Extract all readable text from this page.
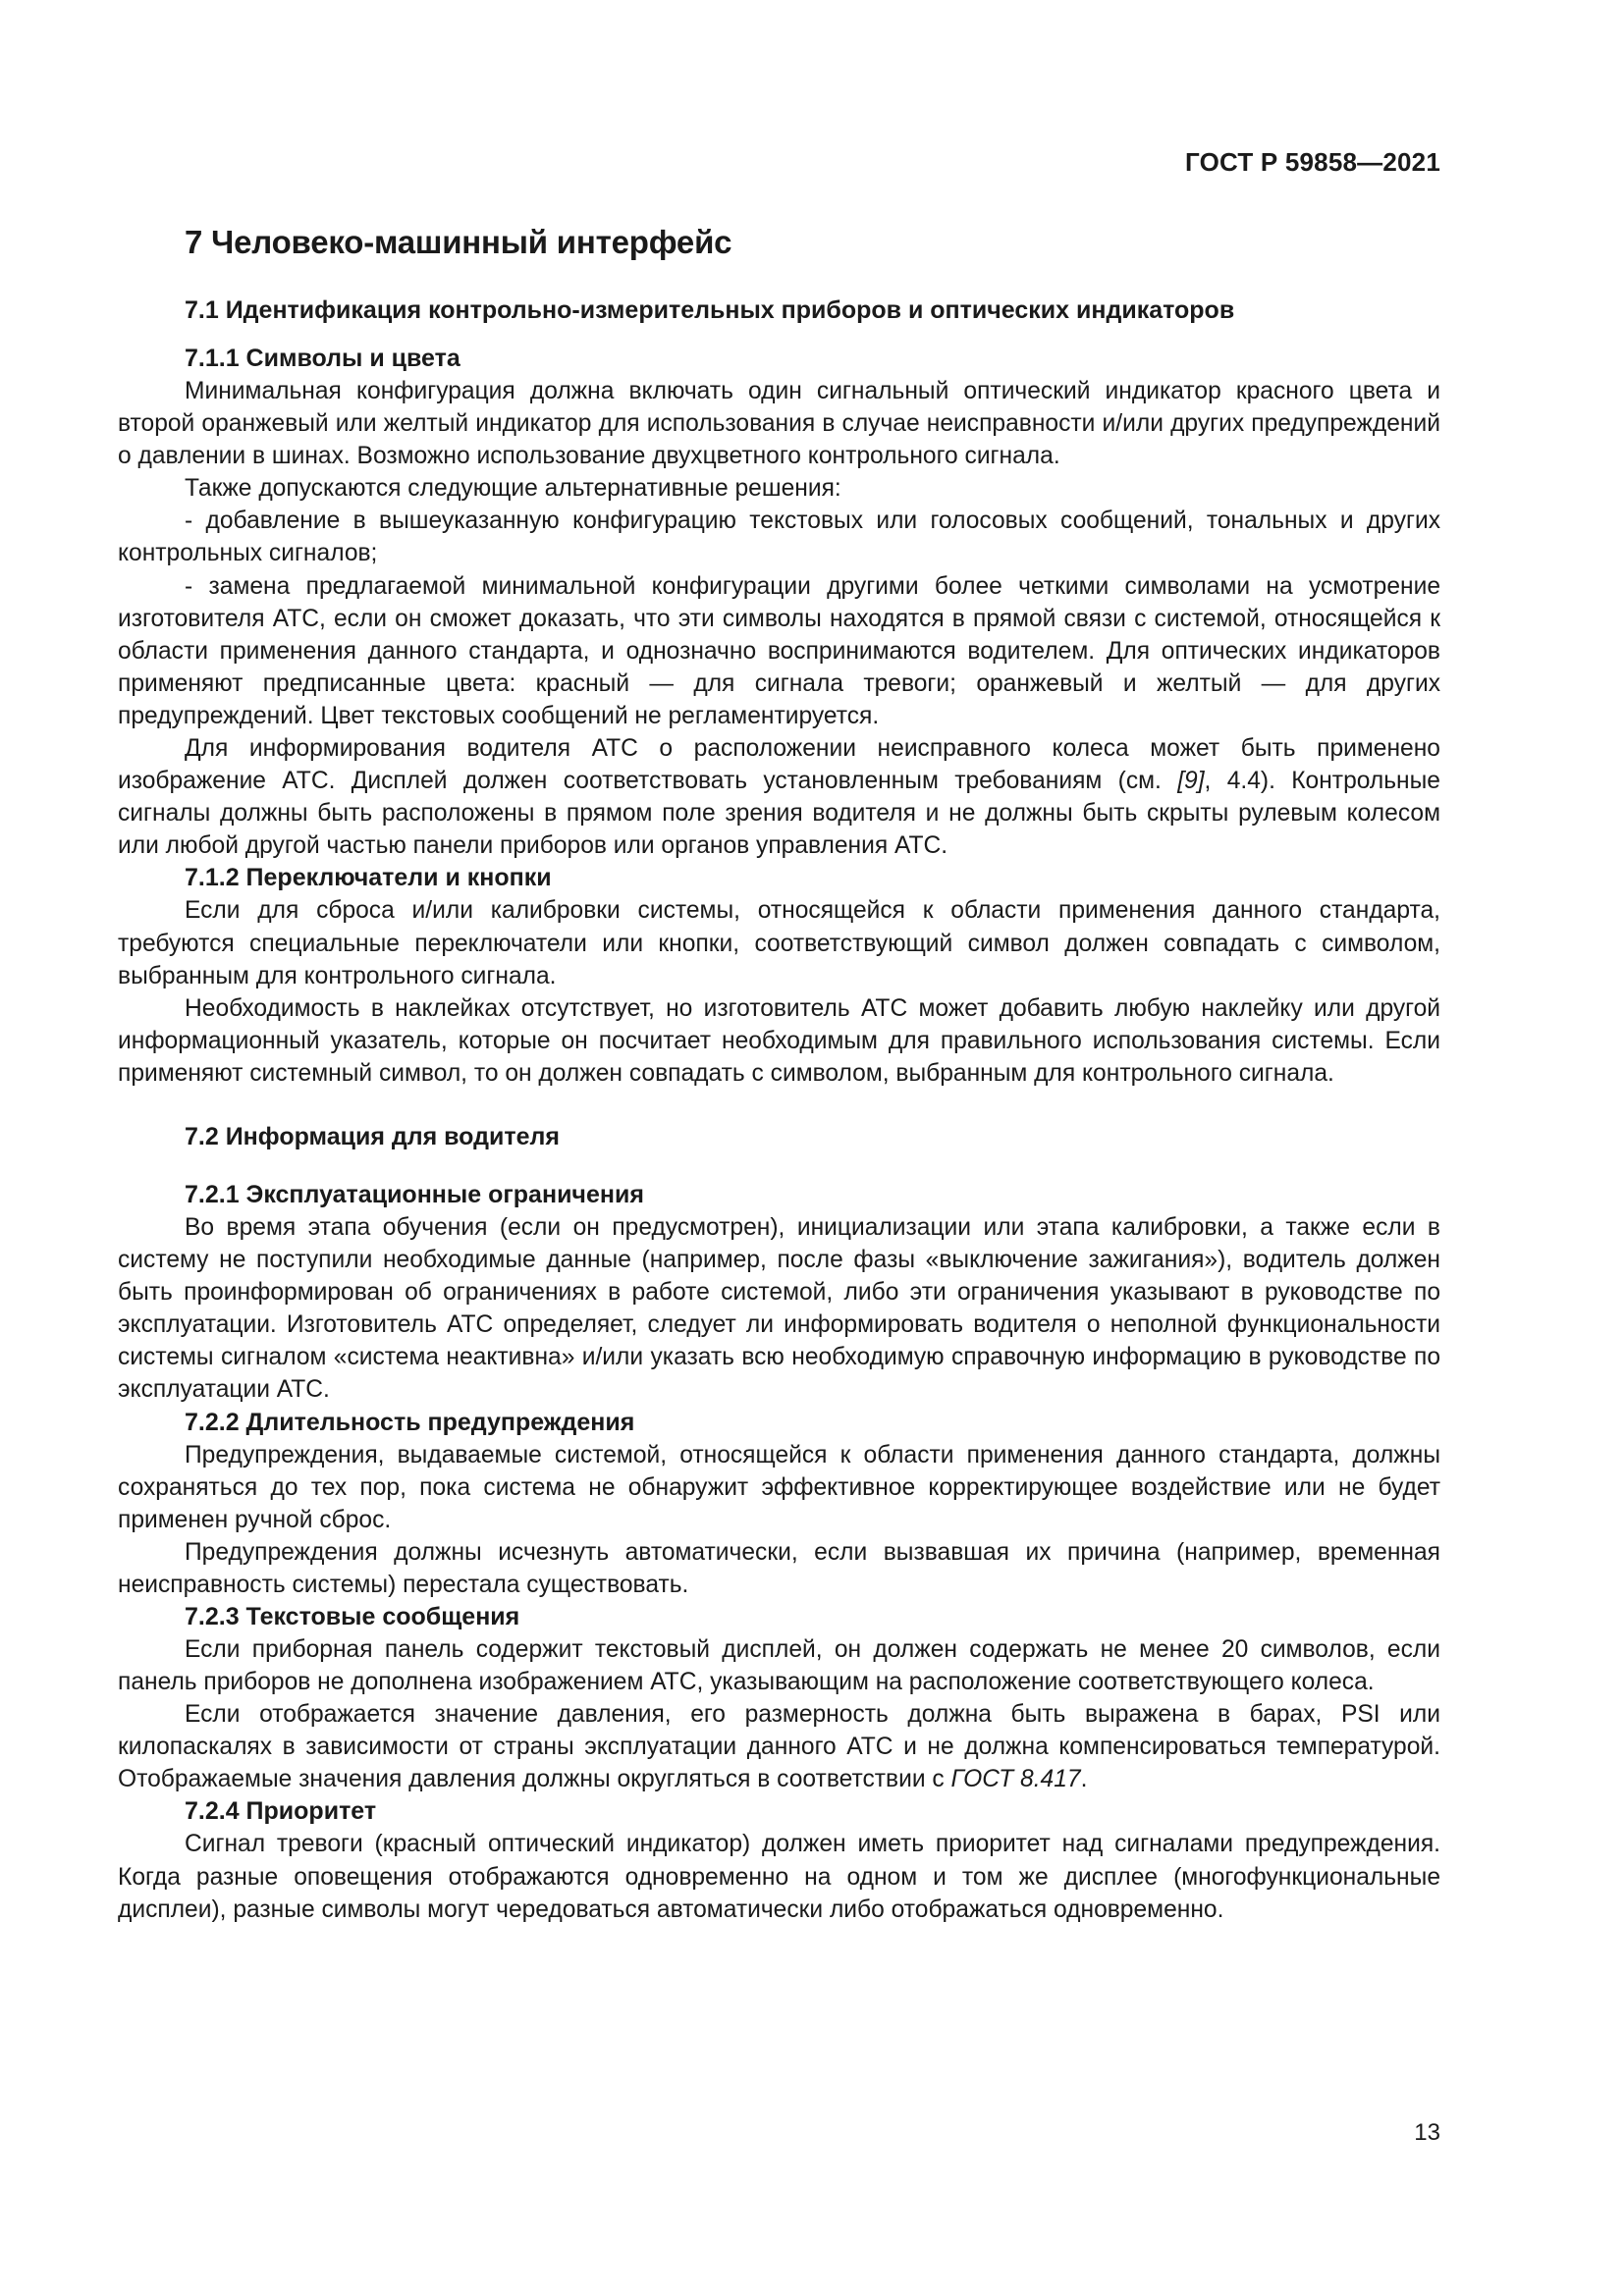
ГОСТ Р 59858—2021
7 Человеко-машинный интерфейс
7.1 Идентификация контрольно-измерительных приборов и оптических индикаторов
7.1.1 Символы и цвета

Минимальная конфигурация должна включать один сигнальный оптический индикатор красного цвета и второй оранжевый или желтый индикатор для использования в случае неисправности и/или других предупреждений о давлении в шинах. Возможно использование двухцветного контрольного сигнала.

Также допускаются следующие альтернативные решения:

- добавление в вышеуказанную конфигурацию текстовых или голосовых сообщений, тональных и других контрольных сигналов;

- замена предлагаемой минимальной конфигурации другими более четкими символами на усмотрение изготовителя АТС, если он сможет доказать, что эти символы находятся в прямой связи с системой, относящейся к области применения данного стандарта, и однозначно воспринимаются водителем. Для оптических индикаторов применяют предписанные цвета: красный — для сигнала тревоги; оранжевый и желтый — для других предупреждений. Цвет текстовых сообщений не регламентируется.

Для информирования водителя АТС о расположении неисправного колеса может быть применено изображение АТС. Дисплей должен соответствовать установленным требованиям (см. [9], 4.4). Контрольные сигналы должны быть расположены в прямом поле зрения водителя и не должны быть скрыты рулевым колесом или любой другой частью панели приборов или органов управления АТС.

7.1.2 Переключатели и кнопки

Если для сброса и/или калибровки системы, относящейся к области применения данного стандарта, требуются специальные переключатели или кнопки, соответствующий символ должен совпадать с символом, выбранным для контрольного сигнала.

Необходимость в наклейках отсутствует, но изготовитель АТС может добавить любую наклейку или другой информационный указатель, которые он посчитает необходимым для правильного использования системы. Если применяют системный символ, то он должен совпадать с символом, выбранным для контрольного сигнала.

7.2 Информация для водителя
7.2.1 Эксплуатационные ограничения

Во время этапа обучения (если он предусмотрен), инициализации или этапа калибровки, а также если в систему не поступили необходимые данные (например, после фазы «выключение зажигания»), водитель должен быть проинформирован об ограничениях в работе системой, либо эти ограничения указывают в руководстве по эксплуатации. Изготовитель АТС определяет, следует ли информировать водителя о неполной функциональности системы сигналом «система неактивна» и/или указать всю необходимую справочную информацию в руководстве по эксплуатации АТС.

7.2.2 Длительность предупреждения

Предупреждения, выдаваемые системой, относящейся к области применения данного стандарта, должны сохраняться до тех пор, пока система не обнаружит эффективное корректирующее воздействие или не будет применен ручной сброс.

Предупреждения должны исчезнуть автоматически, если вызвавшая их причина (например, временная неисправность системы) перестала существовать.

7.2.3 Текстовые сообщения

Если приборная панель содержит текстовый дисплей, он должен содержать не менее 20 символов, если панель приборов не дополнена изображением АТС, указывающим на расположение соответствующего колеса.

Если отображается значение давления, его размерность должна быть выражена в барах, PSI или килопаскалях в зависимости от страны эксплуатации данного АТС и не должна компенсироваться температурой. Отображаемые значения давления должны округляться в соответствии с ГОСТ 8.417.

7.2.4 Приоритет

Сигнал тревоги (красный оптический индикатор) должен иметь приоритет над сигналами предупреждения. Когда разные оповещения отображаются одновременно на одном и том же дисплее (многофункциональные дисплеи), разные символы могут чередоваться автоматически либо отображаться одновременно.

13
